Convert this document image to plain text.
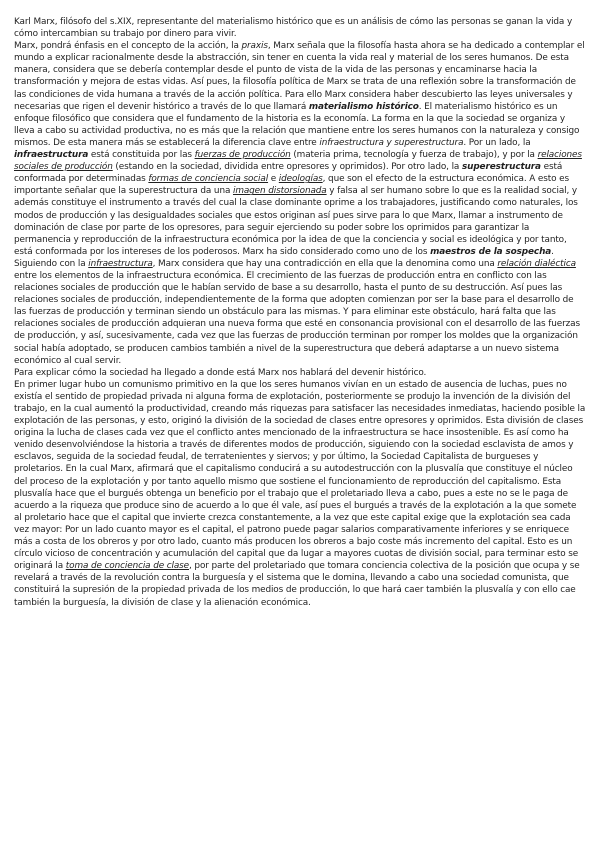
Karl Marx, filósofo del s.XIX, representante del materialismo histórico que es un análisis de cómo las personas se ganan la vida y cómo intercambian su trabajo por dinero para vivir.

Marx, pondrá énfasis en el concepto de la acción, la praxis, Marx señala que la filosofía hasta ahora se ha dedicado a contemplar el mundo a explicar racionalmente desde la abstracción, sin tener en cuenta la vida real y material de los seres humanos. De esta manera, considera que se debería contemplar desde el punto de vista de la vida de las personas y encaminarse hacia la transformación y mejora de estas vidas. Así pues, la filosofía política de Marx se trata de una reflexión sobre la transformación de las condiciones de vida humana a través de la acción política. Para ello Marx considera haber descubierto las leyes universales y necesarias que rigen el devenir histórico a través de lo que llamará materialismo histórico. El materialismo histórico es un enfoque filosófico que considera que el fundamento de la historia es la economía. La forma en la que la sociedad se organiza y lleva a cabo su actividad productiva, no es más que la relación que mantiene entre los seres humanos con la naturaleza y consigo mismos. De esta manera más se establecerá la diferencia clave entre infraestructura y superestructura. Por un lado, la infraestructura está constituida por las fuerzas de producción (materia prima, tecnología y fuerza de trabajo), y por la relaciones sociales de producción (estando en la sociedad, dividida entre opresores y oprimidos). Por otro lado, la superestructura está conformada por determinadas formas de conciencia social e ideologías, que son el efecto de la estructura económica. A esto es importante señalar que la superestructura da una imagen distorsionada y falsa al ser humano sobre lo que es la realidad social, y además constituye el instrumento a través del cual la clase dominante oprime a los trabajadores, justificando como naturales, los modos de producción y las desigualdades sociales que estos originan así pues sirve para lo que Marx, llamar a instrumento de dominación de clase por parte de los opresores, para seguir ejerciendo su poder sobre los oprimidos para garantizar la permanencia y reproducción de la infraestructura económica por la idea de que la conciencia y social es ideológica y por tanto, está conformada por los intereses de los poderosos. Marx ha sido considerado como uno de los maestros de la sospecha.

Siguiendo con la infraestructura, Marx considera que hay una contradicción en ella que la denomina como una relación dialéctica entre los elementos de la infraestructura económica. El crecimiento de las fuerzas de producción entra en conflicto con las relaciones sociales de producción que le habían servido de base a su desarrollo, hasta el punto de su destrucción. Así pues las relaciones sociales de producción, independientemente de la forma que adopten comienzan por ser la base para el desarrollo de las fuerzas de producción y terminan siendo un obstáculo para las mismas. Y para eliminar este obstáculo, hará falta que las relaciones sociales de producción adquieran una nueva forma que esté en consonancia provisional con el desarrollo de las fuerzas de producción, y así, sucesivamente, cada vez que las fuerzas de producción terminan por romper los moldes que la organización social había adoptado, se producen cambios también a nivel de la superestructura que deberá adaptarse a un nuevo sistema económico al cual servir.

Para explicar cómo la sociedad ha llegado a donde está Marx nos hablará del devenir histórico.

En primer lugar hubo un comunismo primitivo en la que los seres humanos vivían en un estado de ausencia de luchas, pues no existía el sentido de propiedad privada ni alguna forma de explotación, posteriormente se produjo la invención de la división del trabajo, en la cual aumentó la productividad, creando más riquezas para satisfacer las necesidades inmediatas, haciendo posible la explotación de las personas, y esto, originó la división de la sociedad de clases entre opresores y oprimidos. Esta división de clases origina la lucha de clases cada vez que el conflicto antes mencionado de la infraestructura se hace insostenible. Es así como ha venido desenvolviéndose la historia a través de diferentes modos de producción, siguiendo con la sociedad esclavista de amos y esclavos, seguida de la sociedad feudal, de terratenientes y siervos; y por último, la Sociedad Capitalista de burgueses y proletarios. En la cual Marx, afirmará que el capitalismo conducirá a su autodestrucción con la plusvalía que constituye el núcleo del proceso de la explotación y por tanto aquello mismo que sostiene el funcionamiento de reproducción del capitalismo. Esta plusvalía hace que el burgués obtenga un beneficio por el trabajo que el proletariado lleva a cabo, pues a este no se le paga de acuerdo a la riqueza que produce sino de acuerdo a lo que él vale, así pues el burgués a través de la explotación a la que somete al proletario hace que el capital que invierte crezca constantemente, a la vez que este capital exige que la explotación sea cada vez mayor: Por un lado cuanto mayor es el capital, el patrono puede pagar salarios comparativamente inferiores y se enriquece más a costa de los obreros y por otro lado, cuanto más producen los obreros a bajo coste más incremento del capital. Esto es un círculo vicioso de concentración y acumulación del capital que da lugar a mayores cuotas de división social, para terminar esto se originará la toma de conciencia de clase, por parte del proletariado que tomara conciencia colectiva de la posición que ocupa y se revelará a través de la revolución contra la burguesía y el sistema que le domina, llevando a cabo una sociedad comunista, que constituirá la supresión de la propiedad privada de los medios de producción, lo que hará caer también la plusvalía y con ello cae también la burguesía, la división de clase y la alienación económica.
